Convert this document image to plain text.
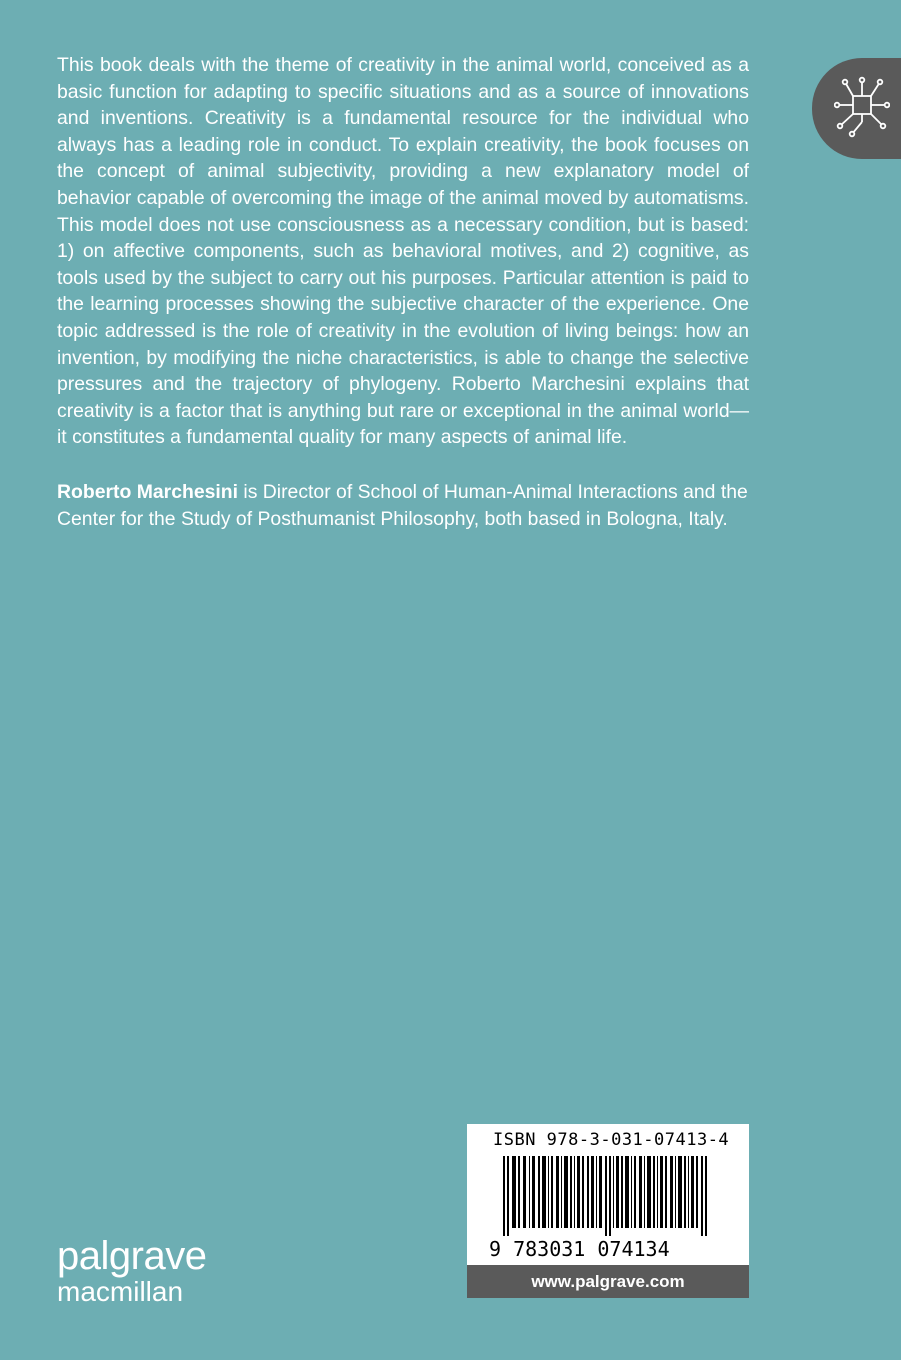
This book deals with the theme of creativity in the animal world, conceived as a basic function for adapting to specific situations and as a source of innovations and inventions. Creativity is a fundamental resource for the individual who always has a leading role in conduct. To explain creativity, the book focuses on the concept of animal subjectivity, providing a new explanatory model of behavior capable of overcoming the image of the animal moved by automatisms. This model does not use consciousness as a necessary condition, but is based: 1) on affective components, such as behavioral motives, and 2) cognitive, as tools used by the subject to carry out his purposes. Particular attention is paid to the learning processes showing the subjective character of the experience. One topic addressed is the role of creativity in the evolution of living beings: how an invention, by modifying the niche characteristics, is able to change the selective pressures and the trajectory of phylogeny. Roberto Marchesini explains that creativity is a factor that is anything but rare or exceptional in the animal world—it constitutes a fundamental quality for many aspects of animal life.

Roberto Marchesini is Director of School of Human-Animal Interactions and the Center for the Study of Posthumanist Philosophy, both based in Bologna, Italy.

palgrave
macmillan
ISBN 978-3-031-07413-4
9 783031 074134
www.palgrave.com
